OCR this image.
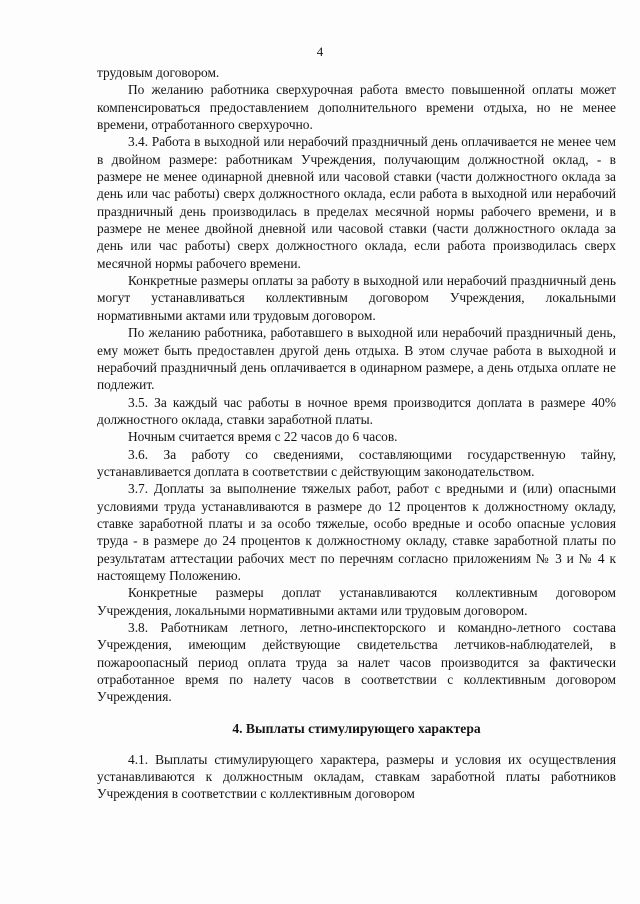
4

трудовым договором.

По желанию работника сверхурочная работа вместо повышенной оплаты может компенсироваться предоставлением дополнительного времени отдыха, но не менее времени, отработанного сверхурочно.

3.4. Работа в выходной или нерабочий праздничный день оплачивается не менее чем в двойном размере: работникам Учреждения, получающим должностной оклад, - в размере не менее одинарной дневной или часовой ставки (части должностного оклада за день или час работы) сверх должностного оклада, если работа в выходной или нерабочий праздничный день производилась в пределах месячной нормы рабочего времени, и в размере не менее двойной дневной или часовой ставки (части должностного оклада за день или час работы) сверх должностного оклада, если работа производилась сверх месячной нормы рабочего времени.

Конкретные размеры оплаты за работу в выходной или нерабочий праздничный день могут устанавливаться коллективным договором Учреждения, локальными нормативными актами или трудовым договором.

По желанию работника, работавшего в выходной или нерабочий праздничный день, ему может быть предоставлен другой день отдыха. В этом случае работа в выходной и нерабочий праздничный день оплачивается в одинарном размере, а день отдыха оплате не подлежит.

3.5. За каждый час работы в ночное время производится доплата в размере 40% должностного оклада, ставки заработной платы.

Ночным считается время с 22 часов до 6 часов.

3.6. За работу со сведениями, составляющими государственную тайну, устанавливается доплата в соответствии с действующим законодательством.

3.7. Доплаты за выполнение тяжелых работ, работ с вредными и (или) опасными условиями труда устанавливаются в размере до 12 процентов к должностному окладу, ставке заработной платы и за особо тяжелые, особо вредные и особо опасные условия труда - в размере до 24 процентов к должностному окладу, ставке заработной платы по результатам аттестации рабочих мест по перечням согласно приложениям № 3 и № 4 к настоящему Положению.

Конкретные размеры доплат устанавливаются коллективным договором Учреждения, локальными нормативными актами или трудовым договором.

3.8. Работникам летного, летно-инспекторского и командно-летного состава Учреждения, имеющим действующие свидетельства летчиков-наблюдателей, в пожароопасный период оплата труда за налет часов производится за фактически отработанное время по налету часов в соответствии с коллективным договором Учреждения.

4. Выплаты стимулирующего характера

4.1. Выплаты стимулирующего характера, размеры и условия их осуществления устанавливаются к должностным окладам, ставкам заработной платы работников Учреждения в соответствии с коллективным договором
